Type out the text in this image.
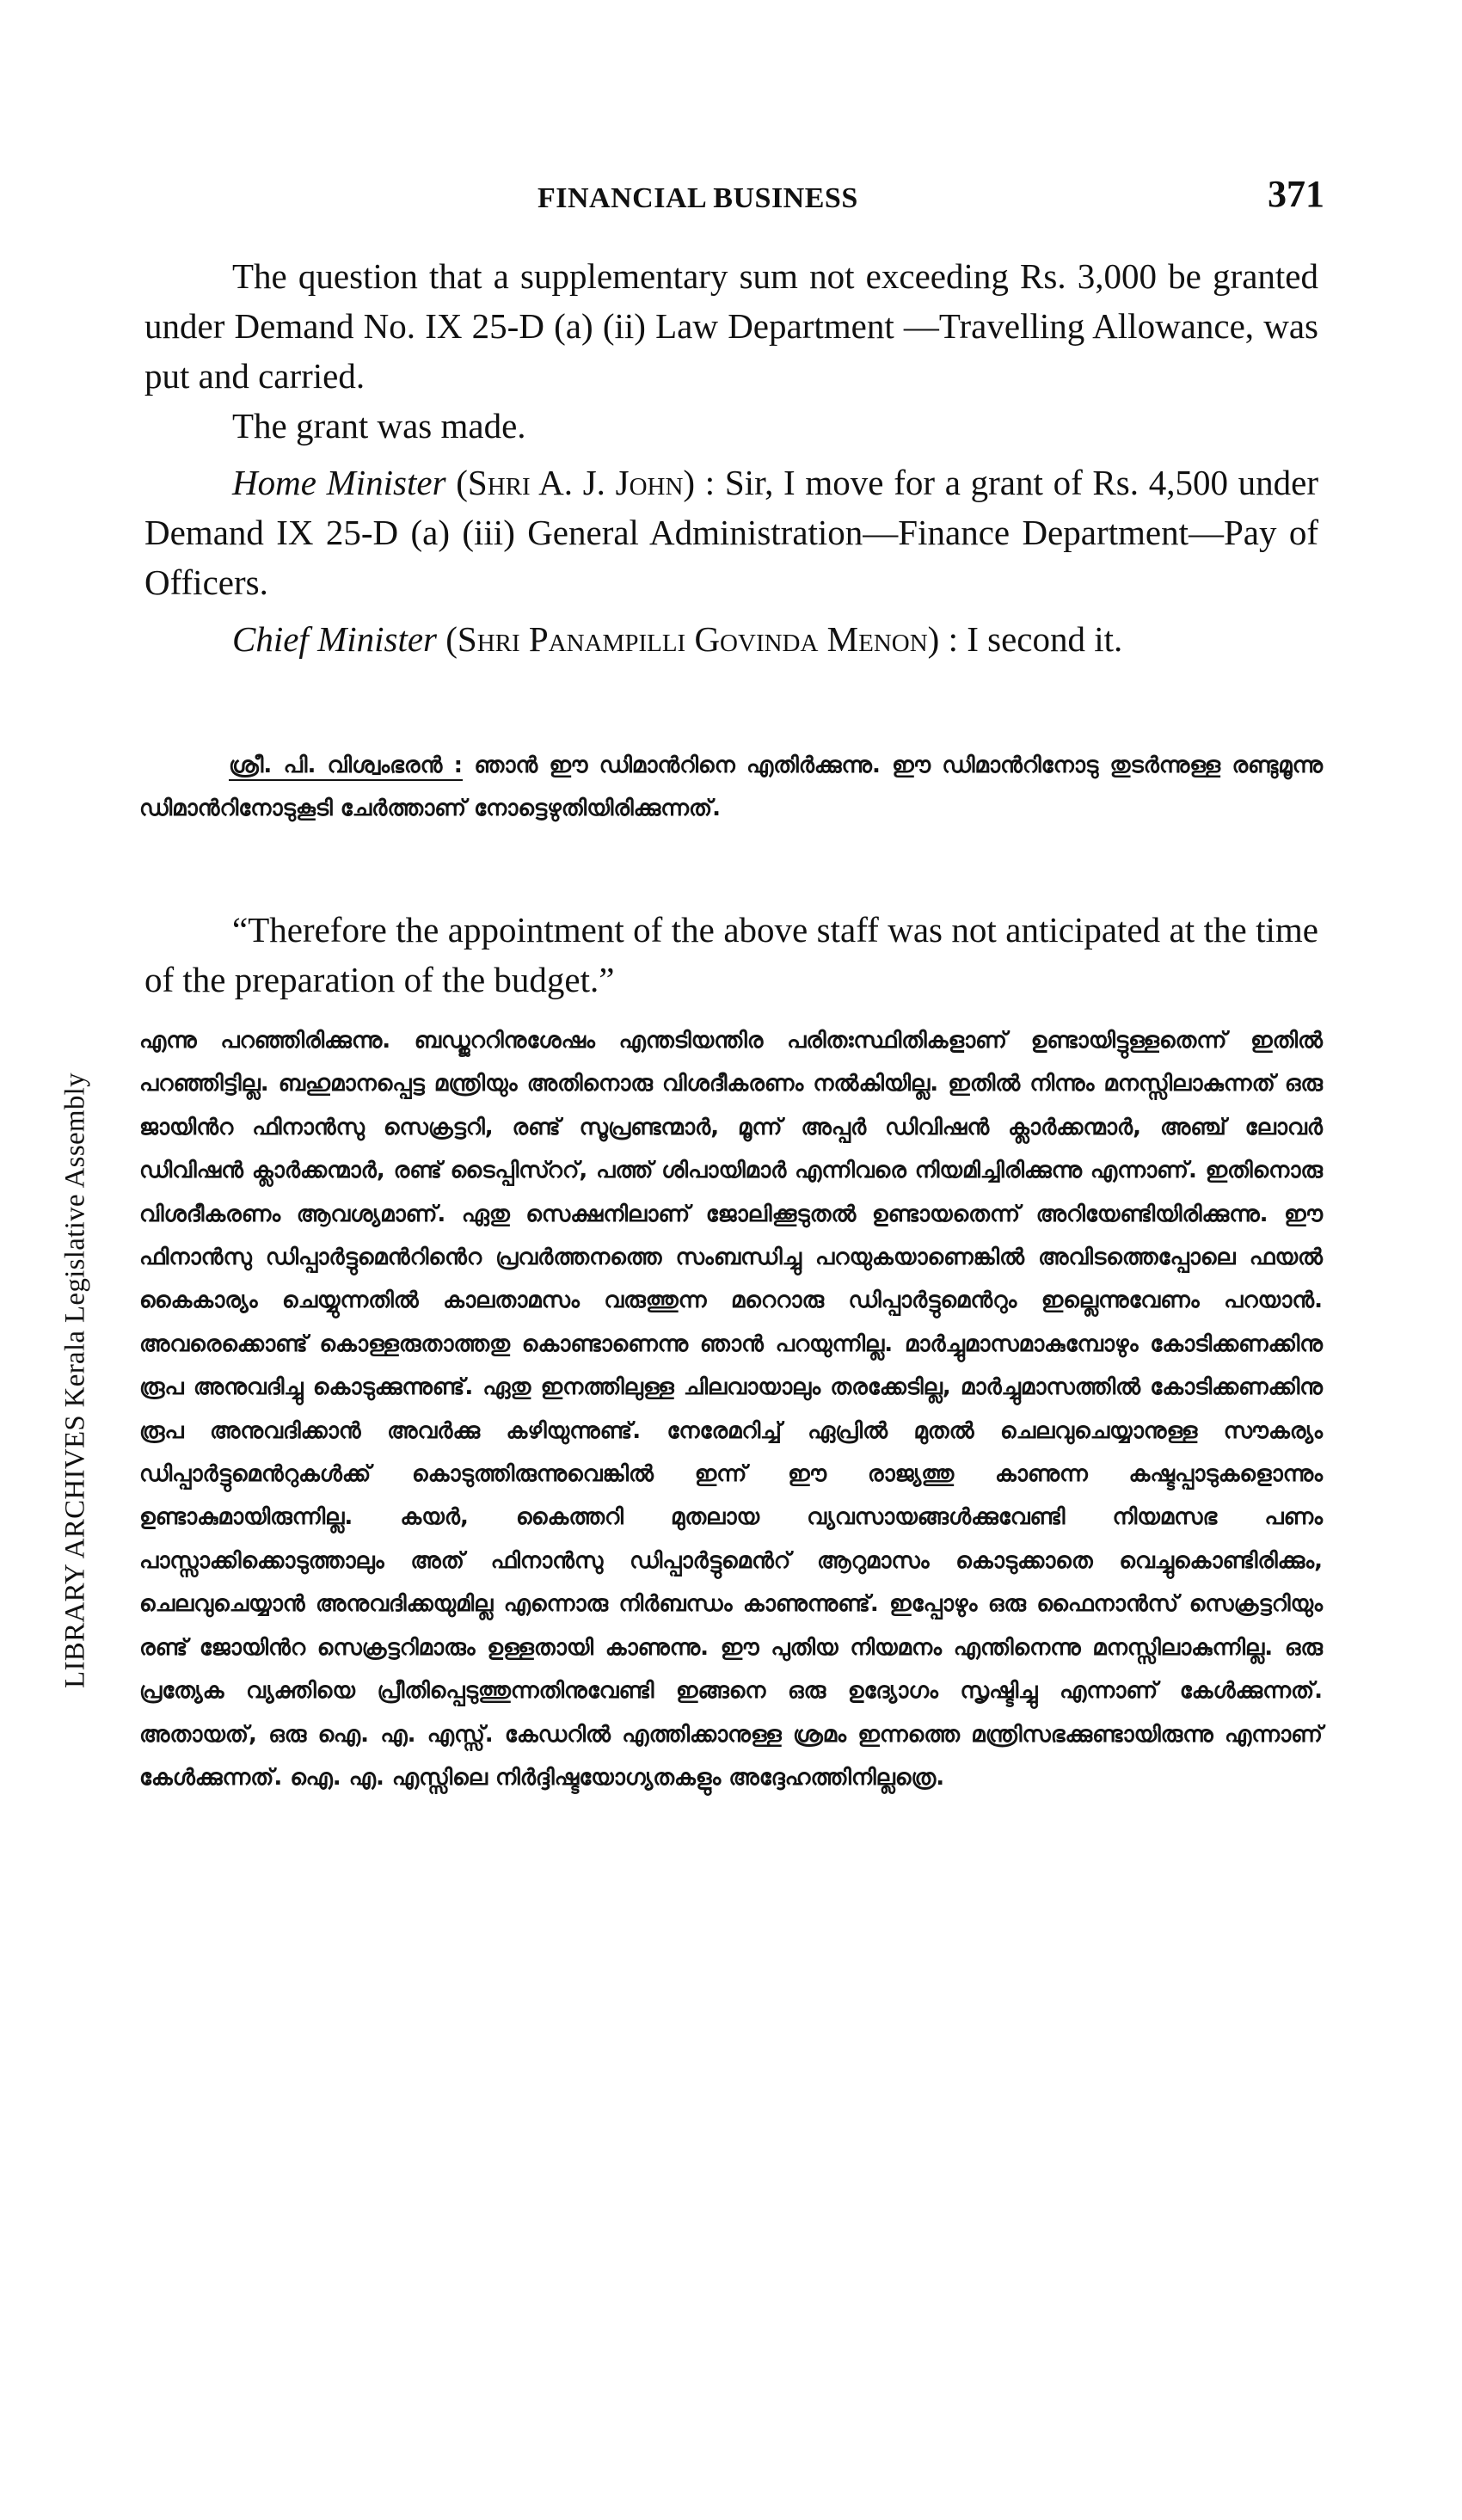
LIBRARY ARCHIVES Kerala Legislative Assembly
FINANCIAL BUSINESS	371

The question that a supplementary sum not exceeding Rs. 3,000 be granted under Demand No. IX 25-D (a) (ii) Law Department —Travelling Allowance, was put and carried.

The grant was made.

Home Minister (Shri A. J. John) : Sir, I move for a grant of Rs. 4,500 under Demand IX 25-D (a) (iii) General Administration—Finance Department—Pay of Officers.

Chief Minister (Shri Panampilli Govinda Menon) : I second it.

ശ്രീ. പി. വിശ്വംഭരൻ : ഞാൻ ഈ ഡിമാൻറിനെ എതിർക്കുന്നു. ഈ ഡിമാൻറിനോടു തുടർന്നുള്ള രണ്ടുമൂന്നു ഡിമാൻറിനോടുകൂടി ചേർത്താണ് നോട്ടെഴുതിയിരിക്കുന്നത്.

“Therefore the appointment of the above staff was not anticipated at the time of the preparation of the budget.”

എന്നു പറഞ്ഞിരിക്കുന്നു. ബഡ്ജററിനുശേഷം എന്തടിയന്തിര പരിതഃസ്ഥിതികളാണ് ഉണ്ടായിട്ടുള്ളതെന്ന് ഇതിൽ പറഞ്ഞിട്ടില്ല. ബഹുമാനപ്പെട്ട മന്ത്രിയും അതിനൊരു വിശദീകരണം നൽകിയില്ല. ഇതിൽ നിന്നും മനസ്സിലാകുന്നത് ഒരു ജായിൻറ ഫിനാൻസു സെക്രട്ടറി, രണ്ട് സൂപ്രണ്ടന്മാർ, മൂന്ന് അപ്പർ ഡിവിഷൻ ക്ലാർക്കന്മാർ, അഞ്ച് ലോവർ ഡിവിഷൻ ക്ലാർക്കന്മാർ, രണ്ട് ടൈപ്പിസ്ററ്, പത്ത് ശിപായിമാർ എന്നിവരെ നിയമിച്ചിരിക്കുന്നു എന്നാണ്. ഇതിനൊരു വിശദീകരണം ആവശ്യമാണ്. ഏതു സെക്ഷനിലാണ് ജോലിക്കൂടുതൽ ഉണ്ടായതെന്ന് അറിയേണ്ടിയിരിക്കുന്നു. ഈ ഫിനാൻസു ഡിപ്പാർട്ടുമെൻറിൻെറ പ്രവർത്തനത്തെ സംബന്ധിച്ചു പറയുകയാണെങ്കിൽ അവിടത്തെപ്പോലെ ഫയൽ കൈകാര്യം ചെയ്യുന്നതിൽ കാലതാമസം വരുത്തുന്ന മറെറാരു ഡിപ്പാർട്ടുമെൻറും ഇല്ലെന്നുവേണം പറയാൻ. അവരെക്കൊണ്ട് കൊള്ളരുതാത്തതു കൊണ്ടാണെന്നു ഞാൻ പറയുന്നില്ല. മാർച്ചുമാസമാകുമ്പോഴും കോടിക്കണക്കിനു രൂപ അനുവദിച്ചു കൊടുക്കുന്നുണ്ട്. ഏതു ഇനത്തിലുള്ള ചിലവായാലും തരക്കേടില്ല, മാർച്ചുമാസത്തിൽ കോടിക്കണക്കിനു രൂപ അനുവദിക്കാൻ അവർക്കു കഴിയുന്നുണ്ട്. നേരേമറിച്ച് ഏപ്രിൽ മുതൽ ചെലവുചെയ്യാനുള്ള സൗകര്യം ഡിപ്പാർട്ടുമെൻറുകൾക്ക് കൊടുത്തിരുന്നുവെങ്കിൽ ഇന്ന് ഈ രാജ്യത്തു കാണുന്ന കഷ്ടപ്പാടുകളൊന്നും ഉണ്ടാകുമായിരുന്നില്ല. കയർ, കൈത്തറി മുതലായ വ്യവസായങ്ങൾക്കുവേണ്ടി നിയമസഭ പണം പാസ്സാക്കിക്കൊടുത്താലും അത് ഫിനാൻസു ഡിപ്പാർട്ടുമെൻറ് ആറുമാസം കൊടുക്കാതെ വെച്ചുകൊണ്ടിരിക്കും, ചെലവുചെയ്യാൻ അനുവദിക്കയുമില്ല എന്നൊരു നിർബന്ധം കാണുന്നുണ്ട്. ഇപ്പോഴും ഒരു ഫൈനാൻസ് സെക്രട്ടറിയും രണ്ട് ജോയിൻറ സെക്രട്ടറിമാരും ഉള്ളതായി കാണുന്നു. ഈ പുതിയ നിയമനം എന്തിനെന്നു മനസ്സിലാകുന്നില്ല. ഒരു പ്രത്യേക വ്യക്തിയെ പ്രീതിപ്പെടുത്തുന്നതിനുവേണ്ടി ഇങ്ങനെ ഒരു ഉദ്യോഗം സൃഷ്ടിച്ചു എന്നാണ് കേൾക്കുന്നത്. അതായത്, ഒരു ഐ. എ. എസ്സ്. കേഡറിൽ എത്തിക്കാനുള്ള ശ്രമം ഇന്നത്തെ മന്ത്രിസഭക്കുണ്ടായിരുന്നു എന്നാണ് കേൾക്കുന്നത്. ഐ. എ. എസ്സിലെ നിർദ്ദിഷ്ടയോഗ്യതകളും അദ്ദേഹത്തിനില്ലത്രെ.
